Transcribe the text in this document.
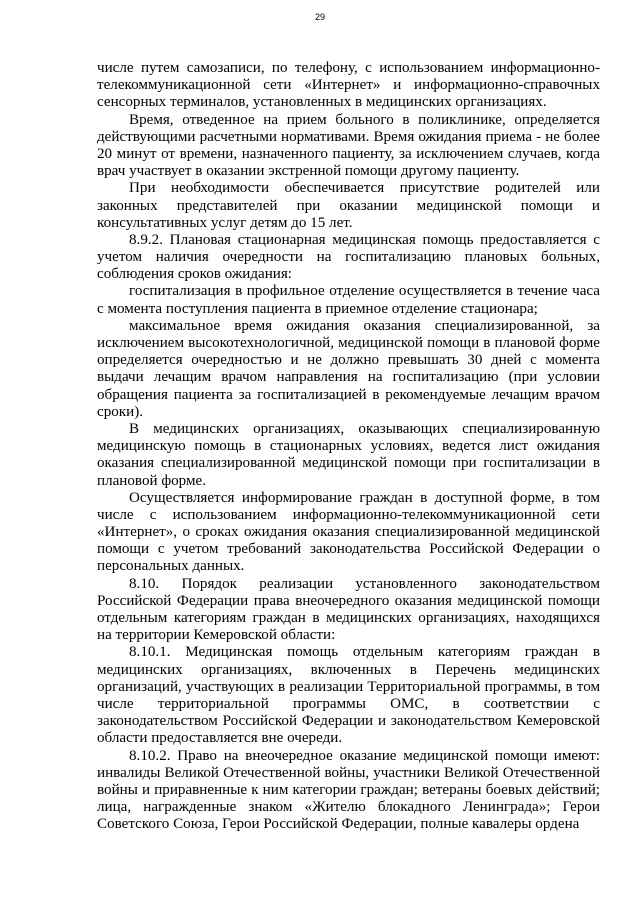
29

числе путем самозаписи, по телефону, с использованием информационно-телекоммуникационной сети «Интернет» и информационно-справочных сенсорных терминалов, установленных в медицинских организациях.

Время, отведенное на прием больного в поликлинике, определяется действующими расчетными нормативами. Время ожидания приема - не более 20 минут от времени, назначенного пациенту, за исключением случаев, когда врач участвует в оказании экстренной помощи другому пациенту.

При необходимости обеспечивается присутствие родителей или законных представителей при оказании медицинской помощи и консультативных услуг детям до 15 лет.

8.9.2. Плановая стационарная медицинская помощь предоставляется с учетом наличия очередности на госпитализацию плановых больных, соблюдения сроков ожидания:

госпитализация в профильное отделение осуществляется в течение часа с момента поступления пациента в приемное отделение стационара;

максимальное время ожидания оказания специализированной, за исключением высокотехнологичной, медицинской помощи в плановой форме определяется очередностью и не должно превышать 30 дней с момента выдачи лечащим врачом направления на госпитализацию (при условии обращения пациента за госпитализацией в рекомендуемые лечащим врачом сроки).

В медицинских организациях, оказывающих специализированную медицинскую помощь в стационарных условиях, ведется лист ожидания оказания специализированной медицинской помощи при госпитализации в плановой форме.

Осуществляется информирование граждан в доступной форме, в том числе с использованием информационно-телекоммуникационной сети «Интернет», о сроках ожидания оказания специализированной медицинской помощи с учетом требований законодательства Российской Федерации о персональных данных.

8.10. Порядок реализации установленного законодательством Российской Федерации права внеочередного оказания медицинской помощи отдельным категориям граждан в медицинских организациях, находящихся на территории Кемеровской области:

8.10.1. Медицинская помощь отдельным категориям граждан в медицинских организациях, включенных в Перечень медицинских организаций, участвующих в реализации Территориальной программы, в том числе территориальной программы ОМС, в соответствии с законодательством Российской Федерации и законодательством Кемеровской области предоставляется вне очереди.

8.10.2. Право на внеочередное оказание медицинской помощи имеют: инвалиды Великой Отечественной войны, участники Великой Отечественной войны и приравненные к ним категории граждан; ветераны боевых действий; лица, награжденные знаком «Жителю блокадного Ленинграда»; Герои Советского Союза, Герои Российской Федерации, полные кавалеры ордена
